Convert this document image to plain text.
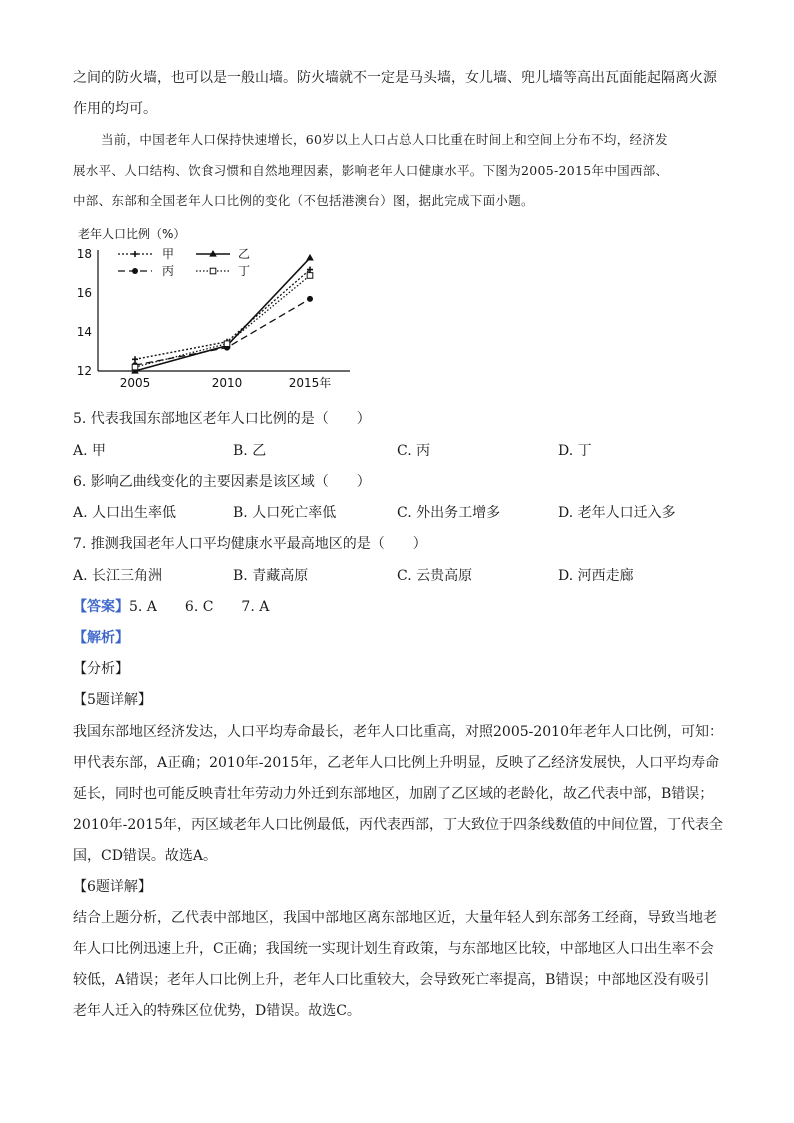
之间的防火墙，也可以是一般山墙。防火墙就不一定是马头墙，女儿墙、兜儿墙等高出瓦面能起隔离火源
作用的均可。
当前，中国老年人口保持快速增长，60岁以上人口占总人口比重在时间上和空间上分布不均，经济发
展水平、人口结构、饮食习惯和自然地理因素，影响老年人口健康水平。下图为2005-2015年中国西部、
中部、东部和全国老年人口比例的变化（不包括港澳台）图，据此完成下面小题。
老年人口比例（%）
12
14
16
18
2005	2010	2015年
甲	乙
丙	丁
5. 代表我国东部地区老年人口比例的是（　　）
A. 甲	B. 乙	C. 丙	D. 丁
6. 影响乙曲线变化的主要因素是该区域（　　）
A. 人口出生率低	B. 人口死亡率低	C. 外出务工增多	D. 老年人口迁入多
7. 推测我国老年人口平均健康水平最高地区的是（　　）
A. 长江三角洲	B. 青藏高原	C. 云贵高原	D. 河西走廊
【答案】5. A　　6. C　　7. A
【解析】
【分析】
【5题详解】
我国东部地区经济发达，人口平均寿命最长，老年人口比重高，对照2005-2010年老年人口比例，可知：
甲代表东部，A正确；2010年-2015年，乙老年人口比例上升明显，反映了乙经济发展快，人口平均寿命
延长，同时也可能反映青壮年劳动力外迁到东部地区，加剧了乙区域的老龄化，故乙代表中部，B错误；
2010年-2015年，丙区域老年人口比例最低，丙代表西部，丁大致位于四条线数值的中间位置，丁代表全
国，CD错误。故选A。
【6题详解】
结合上题分析，乙代表中部地区，我国中部地区离东部地区近，大量年轻人到东部务工经商，导致当地老
年人口比例迅速上升，C正确；我国统一实现计划生育政策，与东部地区比较，中部地区人口出生率不会
较低，A错误；老年人口比例上升，老年人口比重较大，会导致死亡率提高，B错误；中部地区没有吸引
老年人迁入的特殊区位优势，D错误。故选C。
